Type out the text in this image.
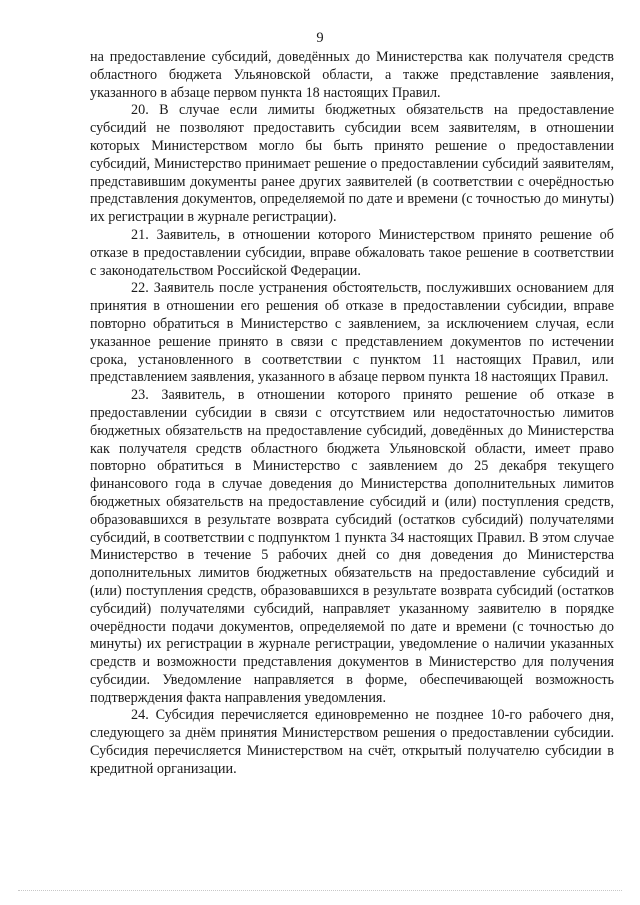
9

на предоставление субсидий, доведённых до Министерства как получателя средств областного бюджета Ульяновской области, а также представление заявления, указанного в абзаце первом пункта 18 настоящих Правил.

20. В случае если лимиты бюджетных обязательств на предоставление субсидий не позволяют предоставить субсидии всем заявителям, в отношении которых Министерством могло бы быть принято решение о предоставлении субсидий, Министерство принимает решение о предоставлении субсидий заявителям, представившим документы ранее других заявителей (в соответствии с очерёдностью представления документов, определяемой по дате и времени (с точностью до минуты) их регистрации в журнале регистрации).

21. Заявитель, в отношении которого Министерством принято решение об отказе в предоставлении субсидии, вправе обжаловать такое решение в соответствии с законодательством Российской Федерации.

22. Заявитель после устранения обстоятельств, послуживших основанием для принятия в отношении его решения об отказе в предоставлении субсидии, вправе повторно обратиться в Министерство с заявлением, за исключением случая, если указанное решение принято в связи с представлением документов по истечении срока, установленного в соответствии с пунктом 11 настоящих Правил, или представлением заявления, указанного в абзаце первом пункта 18 настоящих Правил.

23. Заявитель, в отношении которого принято решение об отказе в предоставлении субсидии в связи с отсутствием или недостаточностью лимитов бюджетных обязательств на предоставление субсидий, доведённых до Министерства как получателя средств областного бюджета Ульяновской области, имеет право повторно обратиться в Министерство с заявлением до 25 декабря текущего финансового года в случае доведения до Министерства дополнительных лимитов бюджетных обязательств на предоставление субсидий и (или) поступления средств, образовавшихся в результате возврата субсидий (остатков субсидий) получателями субсидий, в соответствии с подпунктом 1 пункта 34 настоящих Правил. В этом случае Министерство в течение 5 рабочих дней со дня доведения до Министерства дополнительных лимитов бюджетных обязательств на предоставление субсидий и (или) поступления средств, образовавшихся в результате возврата субсидий (остатков субсидий) получателями субсидий, направляет указанному заявителю в порядке очерёдности подачи документов, определяемой по дате и времени (с точностью до минуты) их регистрации в журнале регистрации, уведомление о наличии указанных средств и возможности представления документов в Министерство для получения субсидии. Уведомление направляется в форме, обеспечивающей возможность подтверждения факта направления уведомления.

24. Субсидия перечисляется единовременно не позднее 10-го рабочего дня, следующего за днём принятия Министерством решения о предоставлении субсидии. Субсидия перечисляется Министерством на счёт, открытый получателю субсидии в кредитной организации.
